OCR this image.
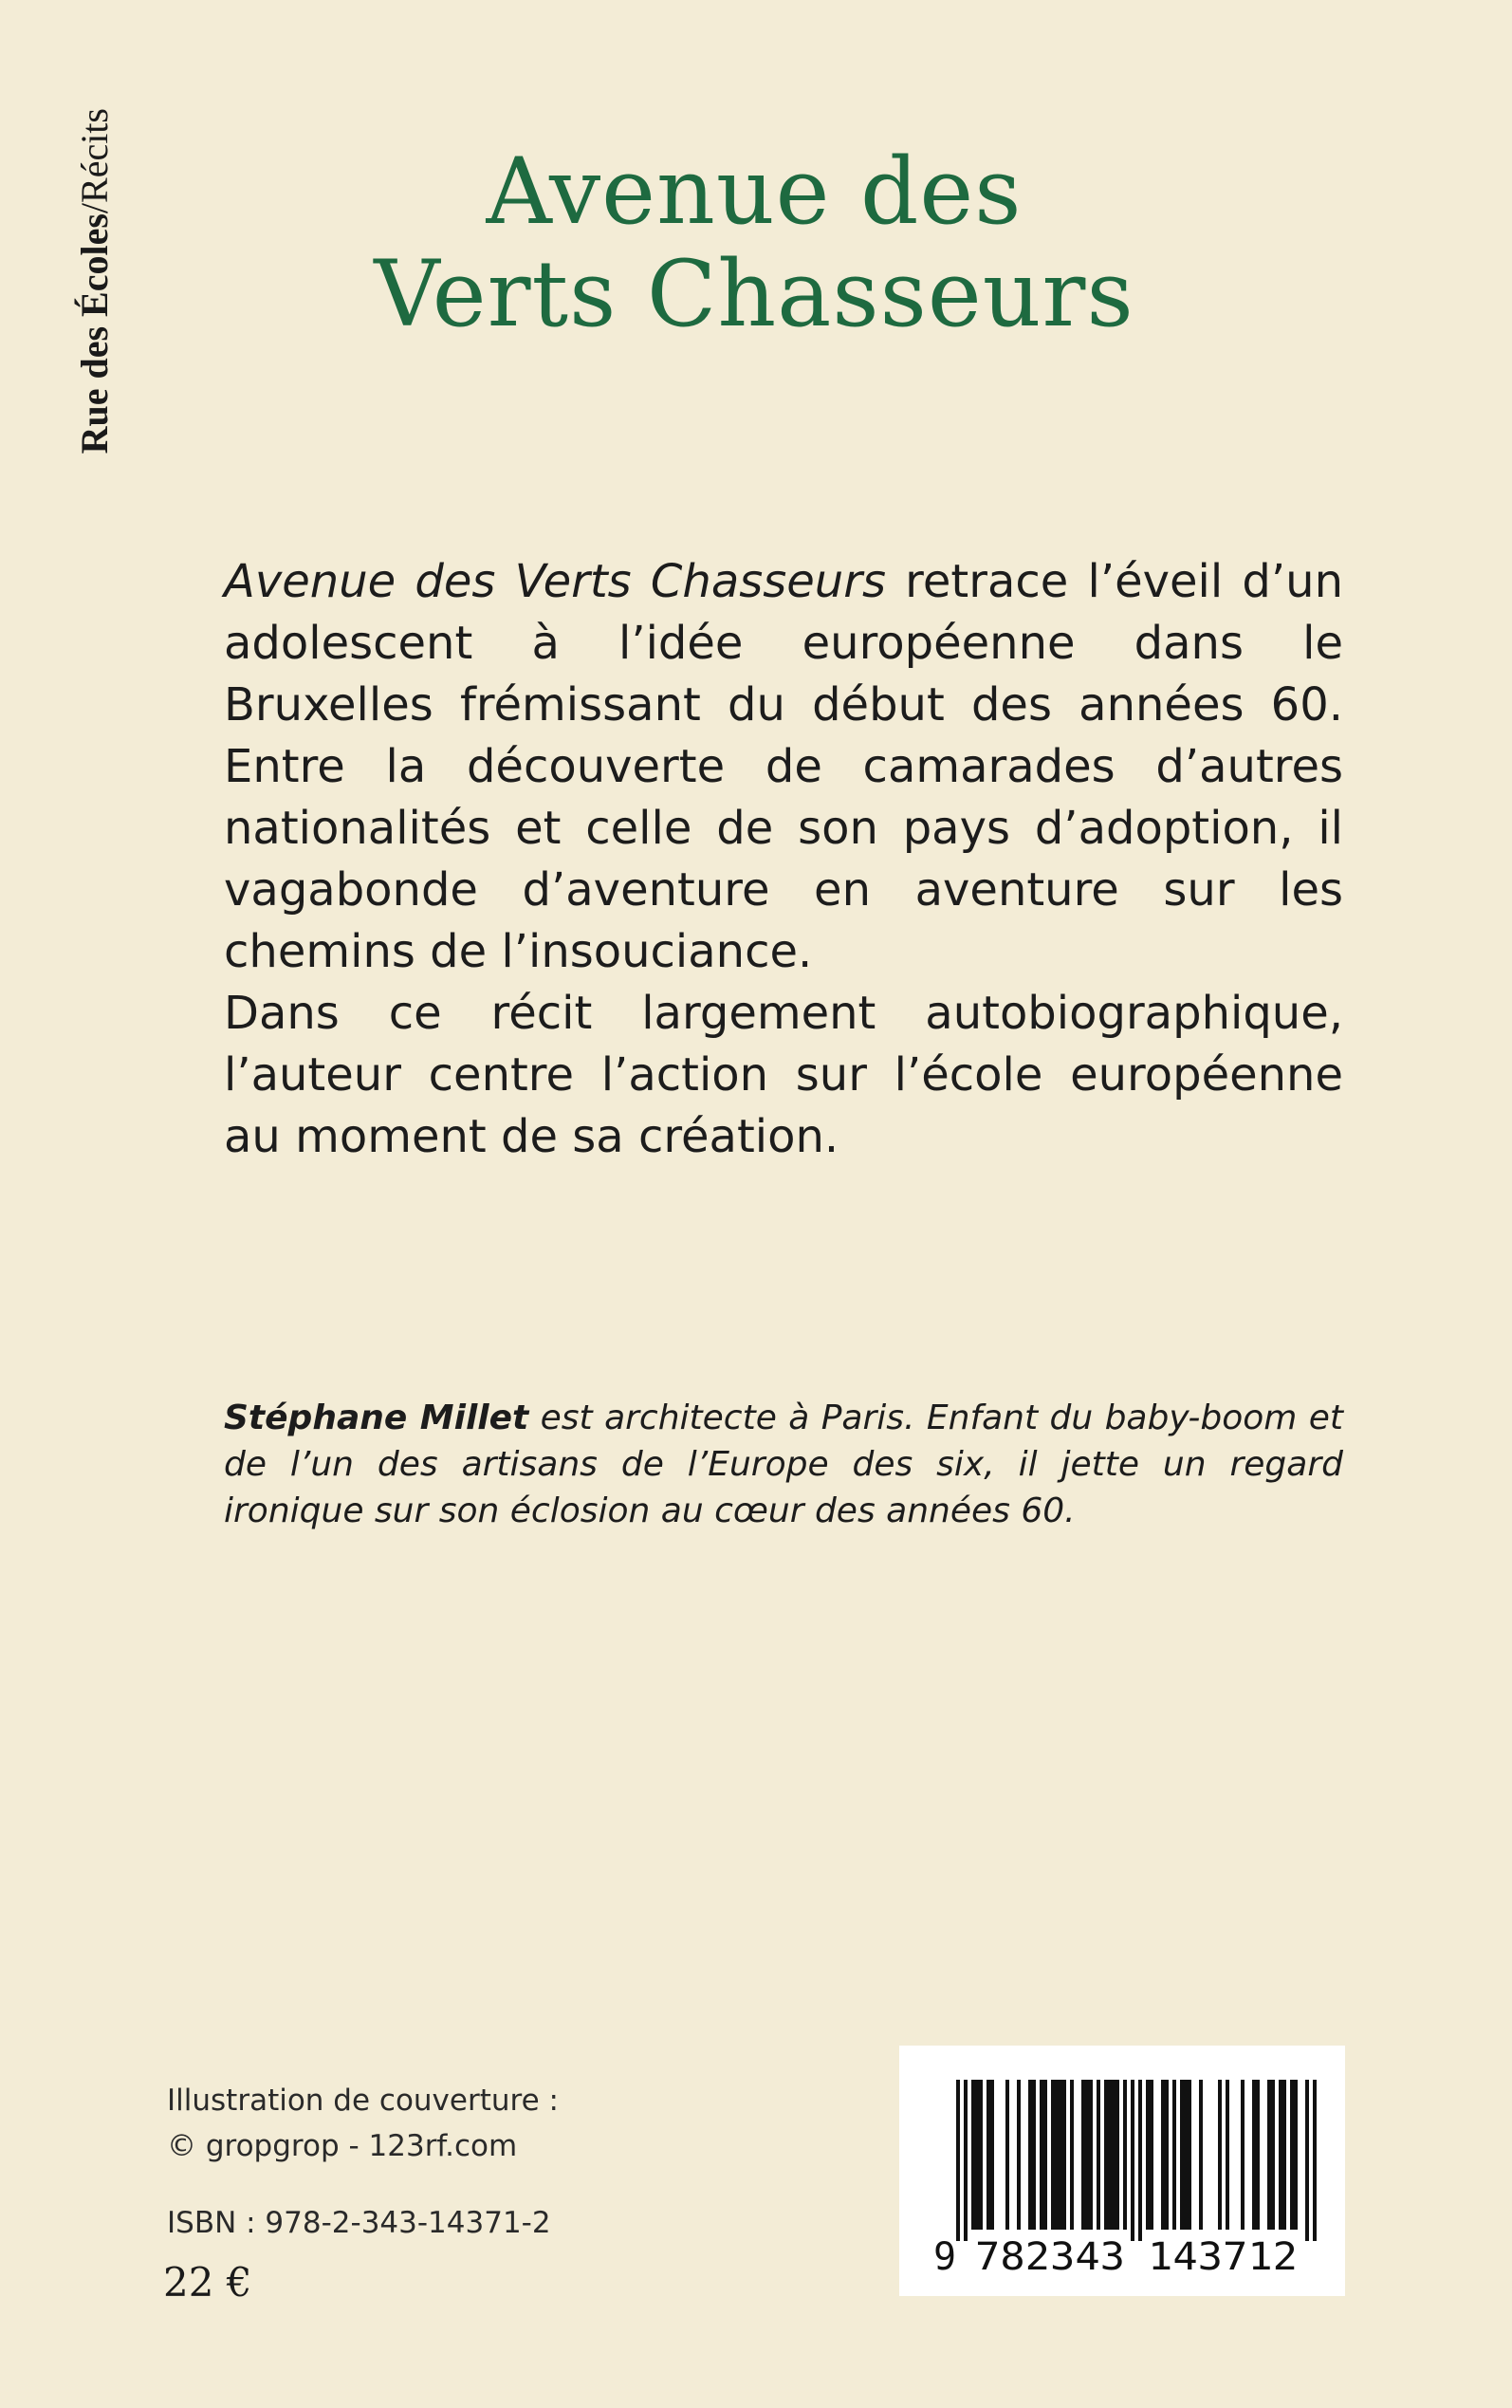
Rue des Écoles/Récits	Avenue des
Verts Chasseurs

Avenue des Verts Chasseurs retrace l’éveil d’un adolescent à l’idée européenne dans le Bruxelles frémissant du début des années 60. Entre la découverte de camarades d’autres nationalités et celle de son pays d’adoption, il vagabonde d’aventure en aventure sur les chemins de l’insouciance.

Dans ce récit largement autobiographique, l’auteur centre l’action sur l’école européenne au moment de sa création.

Stéphane Millet est architecte à Paris. Enfant du baby-boom et de l’un des artisans de l’Europe des six, il jette un regard ironique sur son éclosion au cœur des années 60.

Illustration de couverture :
© gropgrop - 123rf.com
ISBN : 978-2-343-14371-2
22 €
9 782343 143712
